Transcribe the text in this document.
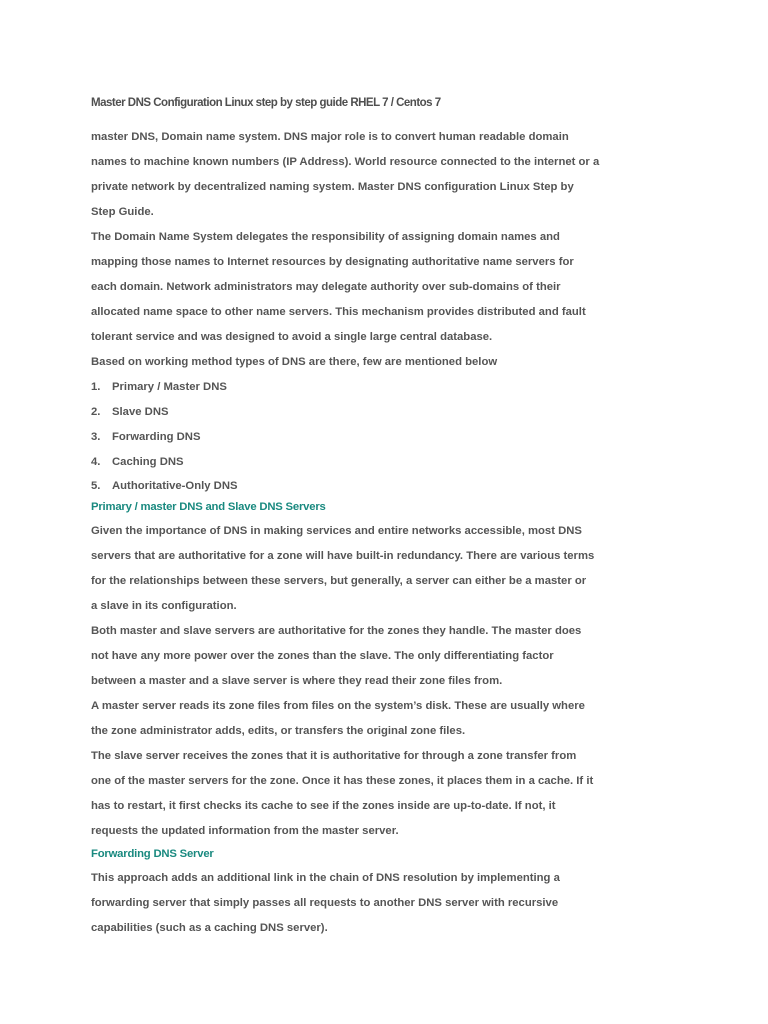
Master DNS Configuration Linux step by step guide RHEL 7 / Centos 7

master DNS, Domain name system. DNS major role is to convert human readable domain
names to machine known numbers (IP Address). World resource connected to the internet or a
private network by decentralized naming system. Master DNS configuration Linux Step by
Step Guide.

The Domain Name System delegates the responsibility of assigning domain names and
mapping those names to Internet resources by designating authoritative name servers for
each domain. Network administrators may delegate authority over sub-domains of their
allocated name space to other name servers. This mechanism provides distributed and fault
tolerant service and was designed to avoid a single large central database.

Based on working method types of DNS are there, few are mentioned below

1. Primary / Master DNS
2. Slave DNS
3. Forwarding DNS
4. Caching DNS
5. Authoritative-Only DNS
Primary / master DNS and Slave DNS Servers

Given the importance of DNS in making services and entire networks accessible, most DNS
servers that are authoritative for a zone will have built-in redundancy. There are various terms
for the relationships between these servers, but generally, a server can either be a master or
a slave in its configuration.

Both master and slave servers are authoritative for the zones they handle. The master does
not have any more power over the zones than the slave. The only differentiating factor
between a master and a slave server is where they read their zone files from.

A master server reads its zone files from files on the system’s disk. These are usually where
the zone administrator adds, edits, or transfers the original zone files.

The slave server receives the zones that it is authoritative for through a zone transfer from
one of the master servers for the zone. Once it has these zones, it places them in a cache. If it
has to restart, it first checks its cache to see if the zones inside are up-to-date. If not, it
requests the updated information from the master server.

Forwarding DNS Server

This approach adds an additional link in the chain of DNS resolution by implementing a
forwarding server that simply passes all requests to another DNS server with recursive
capabilities (such as a caching DNS server).
